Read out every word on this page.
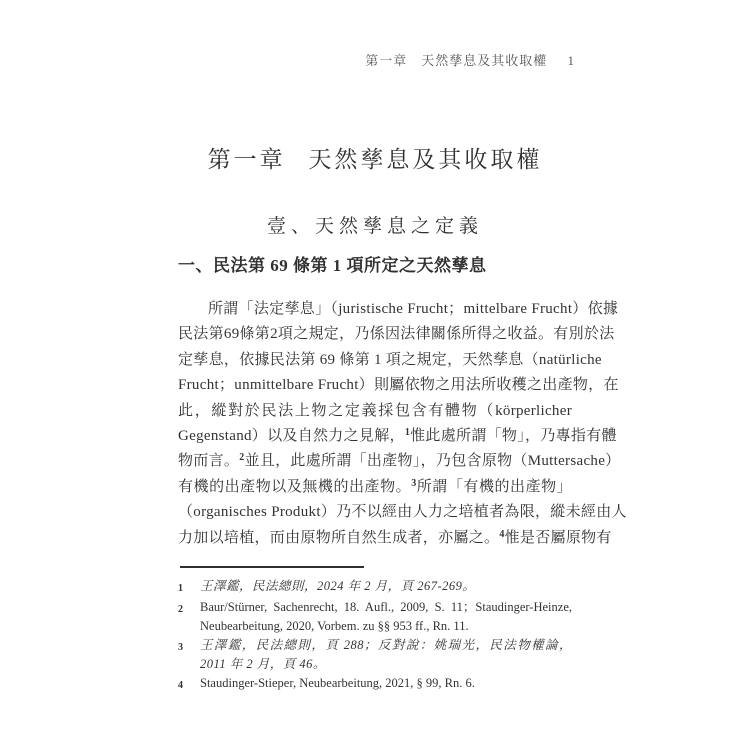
第一章　天然孳息及其收取權 1
第一章 天然孳息及其收取權
壹、天然孳息之定義
一、民法第 69 條第 1 項所定之天然孳息
所謂「法定孳息」（juristische Frucht；mittelbare Frucht）依據
民法第69條第2項之規定，乃係因法律關係所得之收益。有別於法
定孳息，依據民法第 69 條第 1 項之規定，天然孳息（natürliche
Frucht；unmittelbare Frucht）則屬依物之用法所收穫之出產物，在
此，縱對於民法上物之定義採包含有體物（körperlicher
Gegenstand）以及自然力之見解，$^1$惟此處所謂「物」，乃專指有體
物而言。$^2$並且，此處所謂「出產物」，乃包含原物（Muttersache）
有機的出產物以及無機的出產物。$^3$所謂「有機的出產物」
（organisches Produkt）乃不以經由人力之培植者為限，縱未經由人
力加以培植，而由原物所自然生成者，亦屬之。$^4$惟是否屬原物有
1	王澤鑑，民法總則，2024 年 2 月，頁 267-269。
2	Baur/Stürner, Sachenrecht, 18. Aufl., 2009, S. 11；Staudinger-Heinze, Neubearbeitung, 2020, Vorbem. zu §§ 953 ff., Rn. 11.
3	王澤鑑，民法總則，頁 288；反對說：姚瑞光，民法物權論，2011 年 2 月，頁 46。
4	Staudinger-Stieper, Neubearbeitung, 2021, § 99, Rn. 6.
